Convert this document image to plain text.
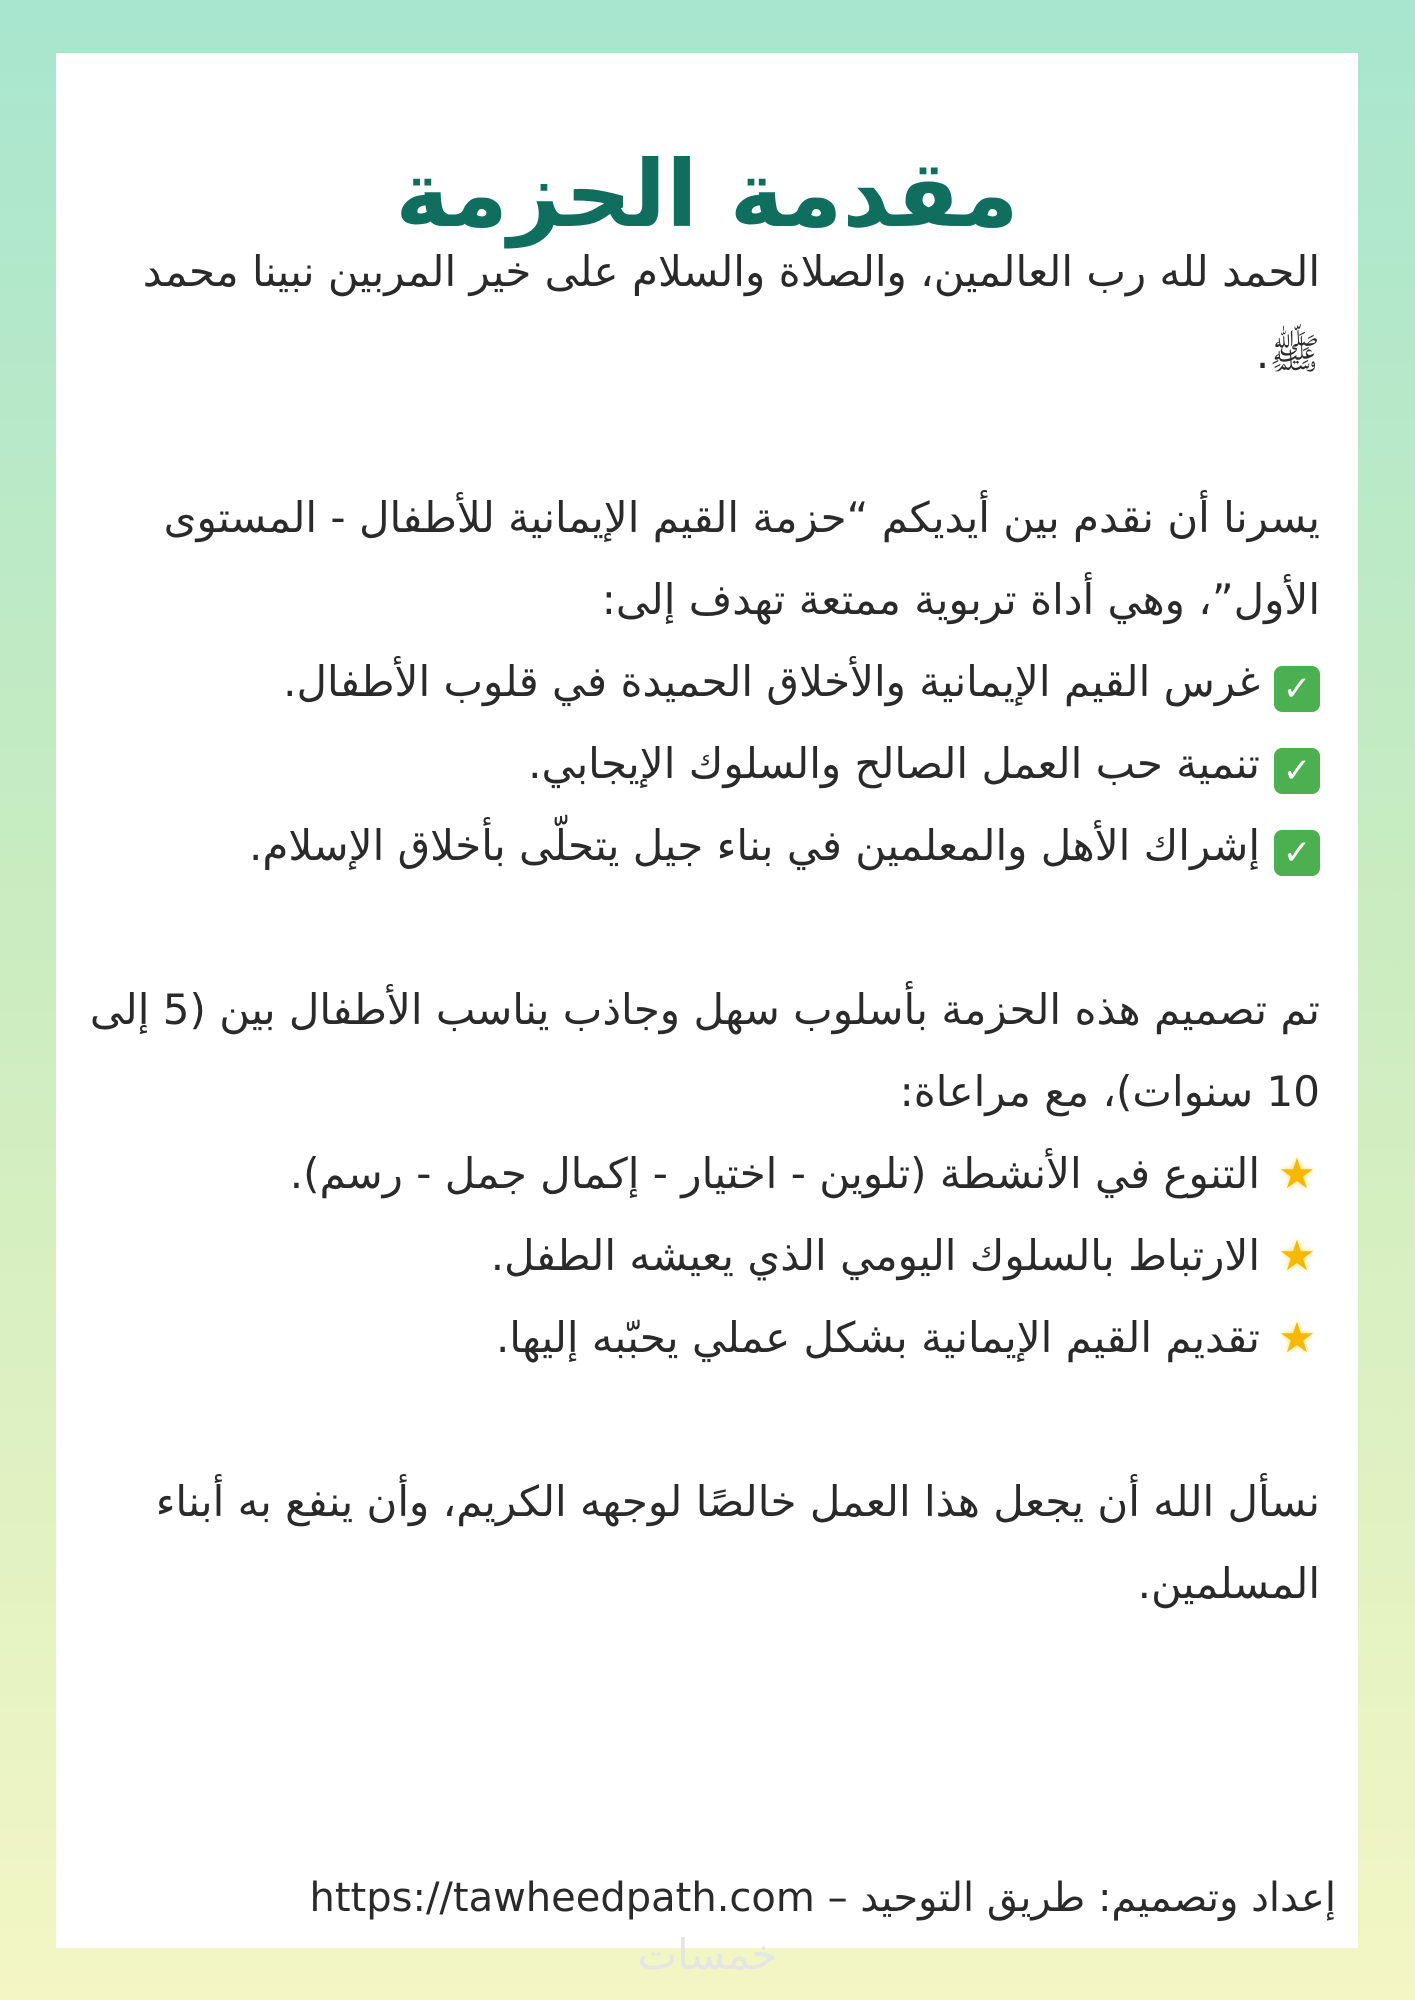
مقدمة الحزمة

الحمد لله رب العالمين، والصلاة والسلام على خير المربين نبينا محمد ﷺ.

يسرنا أن نقدم بين أيديكم “حزمة القيم الإيمانية للأطفال - المستوى الأول”، وهي أداة تربوية ممتعة تهدف إلى:

✓غرس القيم الإيمانية والأخلاق الحميدة في قلوب الأطفال.

✓تنمية حب العمل الصالح والسلوك الإيجابي.

✓إشراك الأهل والمعلمين في بناء جيل يتحلّى بأخلاق الإسلام.

تم تصميم هذه الحزمة بأسلوب سهل وجاذب يناسب الأطفال بين (5 إلى 10 سنوات)، مع مراعاة:

★التنوع في الأنشطة (تلوين - اختيار - إكمال جمل - رسم).

★الارتباط بالسلوك اليومي الذي يعيشه الطفل.

★تقديم القيم الإيمانية بشكل عملي يحبّبه إليها.

نسأل الله أن يجعل هذا العمل خالصًا لوجهه الكريم، وأن ينفع به أبناء المسلمين.

إعداد وتصميم: طريق التوحيد – https://tawheedpath.com
خمسات
